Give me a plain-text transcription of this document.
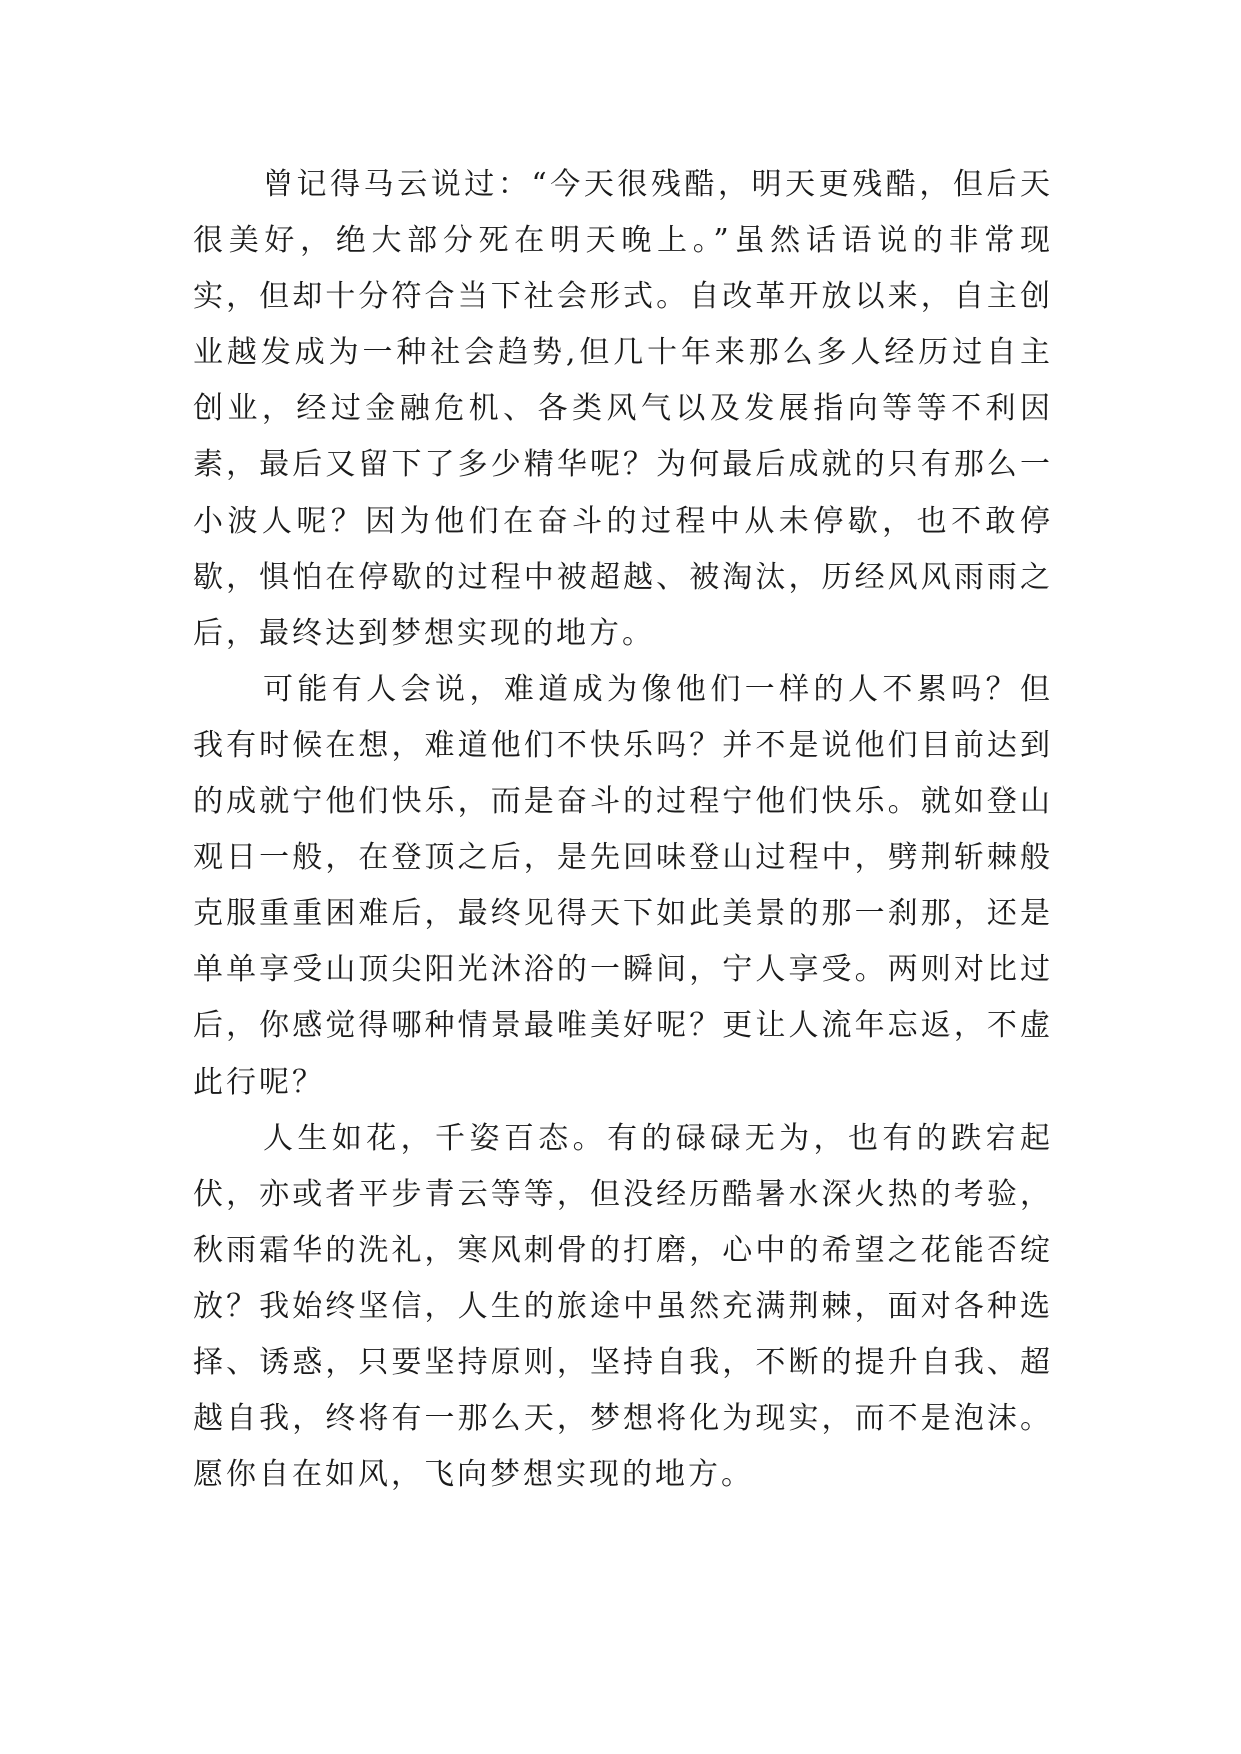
曾记得马云说过：“今天很残酷，明天更残酷，但后天很美好，绝大部分死在明天晚上。”虽然话语说的非常现实，但却十分符合当下社会形式。自改革开放以来，自主创业越发成为一种社会趋势,但几十年来那么多人经历过自主创业，经过金融危机、各类风气以及发展指向等等不利因素，最后又留下了多少精华呢？为何最后成就的只有那么一小波人呢？因为他们在奋斗的过程中从未停歇，也不敢停歇，惧怕在停歇的过程中被超越、被淘汰，历经风风雨雨之后，最终达到梦想实现的地方。

可能有人会说，难道成为像他们一样的人不累吗？但我有时候在想，难道他们不快乐吗？并不是说他们目前达到的成就宁他们快乐，而是奋斗的过程宁他们快乐。就如登山观日一般，在登顶之后，是先回味登山过程中，劈荆斩棘般克服重重困难后，最终见得天下如此美景的那一刹那，还是单单享受山顶尖阳光沐浴的一瞬间，宁人享受。两则对比过后，你感觉得哪种情景最唯美好呢？更让人流年忘返，不虚此行呢？

人生如花，千姿百态。有的碌碌无为，也有的跌宕起伏，亦或者平步青云等等，但没经历酷暑水深火热的考验，秋雨霜华的洗礼，寒风刺骨的打磨，心中的希望之花能否绽放？我始终坚信，人生的旅途中虽然充满荆棘，面对各种选择、诱惑，只要坚持原则，坚持自我，不断的提升自我、超越自我，终将有一那么天，梦想将化为现实，而不是泡沫。愿你自在如风，飞向梦想实现的地方。
